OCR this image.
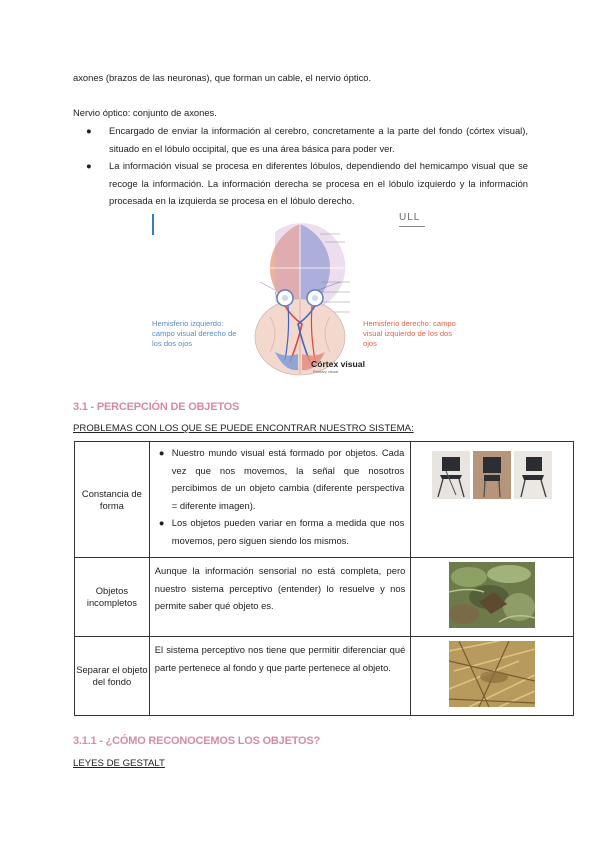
axones (brazos de las neuronas), que forman un cable, el nervio óptico.
Nervio óptico: conjunto de axones.
● Encargado de enviar la información al cerebro, concretamente a la parte del fondo (córtex visual), situado en el lóbulo occipital, que es una área básica para poder ver.
● La información visual se procesa en diferentes lóbulos, dependiendo del hemicampo visual que se recoge la información. La información derecha se procesa en el lóbulo izquierdo y la información procesada en la izquierda se procesa en el lóbulo derecho.
ULL
Hemisferio izquierdo: campo visual derecho de los dos ojos
Hemisferio derecho: campo visual izquierdo de los dos ojos
Córtex visual
Primary visual
3.1 - PERCEPCIÓN DE OBJETOS
PROBLEMAS CON LOS QUE SE PUEDE ENCONTRAR NUESTRO SISTEMA:
Constancia de forma	● Nuestro mundo visual está formado por objetos. Cada vez que nos movemos, la señal que nosotros percibimos de un objeto cambia (diferente perspectiva = diferente imagen).
● Los objetos pueden variar en forma a medida que nos movemos, pero siguen siendo los mismos.

Objetos incompletos	Aunque la información sensorial no está completa, pero nuestro sistema perceptivo (entender) lo resuelve y nos permite saber qué objeto es.

Separar el objeto del fondo	El sistema perceptivo nos tiene que permitir diferenciar qué parte pertenece al fondo y que parte pertenece al objeto.

3.1.1 - ¿CÓMO RECONOCEMOS LOS OBJETOS?
LEYES DE GESTALT
